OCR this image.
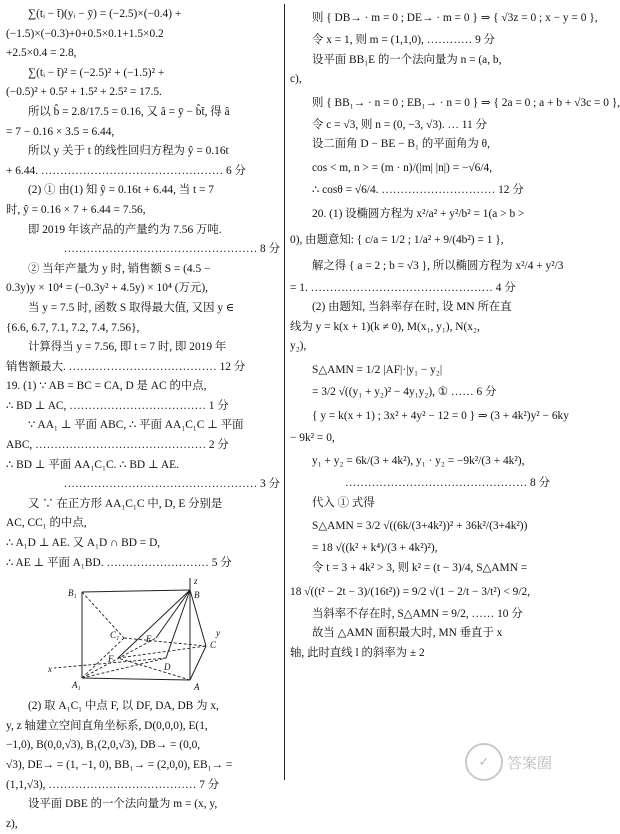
∑(tᵢ − t̄)(yᵢ − ȳ) = (−2.5)×(−0.4) +
(−1.5)×(−0.3)+0+0.5×0.1+1.5×0.2
+2.5×0.4 = 2.8,
∑(tᵢ − t̄)² = (−2.5)² + (−1.5)² +
(−0.5)² + 0.5² + 1.5² + 2.5² = 17.5.
所以 b̂ = 2.8/17.5 = 0.16, 又 â = ȳ − b̂t̄, 得 â
= 7 − 0.16 × 3.5 = 6.44,
所以 y 关于 t 的线性回归方程为 ŷ = 0.16t
+ 6.44. ………………………………………… 6 分
(2) ① 由(1) 知 ŷ = 0.16t + 6.44, 当 t = 7
时, ŷ = 0.16 × 7 + 6.44 = 7.56,
即 2019 年该产品的产量约为 7.56 万吨.
…………………………………………… 8 分
② 当年产量为 y 时, 销售额 S = (4.5 −
0.3y)y × 10⁴ = (−0.3y² + 4.5y) × 10⁴ (万元),
当 y = 7.5 时, 函数 S 取得最大值, 又因 y ∈
{6.6, 6.7, 7.1, 7.2, 7.4, 7.56},
计算得当 y = 7.56, 即 t = 7 时, 即 2019 年
销售额最大. ………………………………… 12 分
19. (1) ∵ AB = BC = CA, D 是 AC 的中点,
∴ BD ⊥ AC, ……………………………… 1 分
∵ AA₁ ⊥ 平面 ABC, ∴ 平面 AA₁C₁C ⊥ 平面
ABC, ……………………………………… 2 分
∴ BD ⊥ 平面 AA₁C₁C. ∴ BD ⊥ AE.
…………………………………………… 3 分
又 ∵ 在正方形 AA₁C₁C 中, D, E 分别是
AC, CC₁ 的中点,
∴ A₁D ⊥ AE. 又 A₁D ∩ BD = D,
∴ AE ⊥ 平面 A₁BD. ……………………… 5 分
B₁	B
C₁	E
C
F
D
A₁	A
x
z
y
(2) 取 A₁C₁ 中点 F, 以 DF, DA, DB 为 x,
y, z 轴建立空间直角坐标系, D(0,0,0), E(1,
−1,0), B(0,0,√3), B₁(2,0,√3), DB→ = (0,0,
√3), DE→ = (1, −1, 0), BB₁→ = (2,0,0), EB₁→ =
(1,1,√3), ………………………………… 7 分
设平面 DBE 的一个法向量为 m = (x, y,
z),
则 { DB→ · m = 0 ; DE→ · m = 0 } ⇒ { √3z = 0 ; x − y = 0 },
令 x = 1, 则 m = (1,1,0), ………… 9 分
设平面 BB₁E 的一个法向量为 n = (a, b,
c),
则 { BB₁→ · n = 0 ; EB₁→ · n = 0 } ⇒ { 2a = 0 ; a + b + √3c = 0 },
令 c = √3, 则 n = (0, −3, √3). … 11 分
设二面角 D − BE − B₁ 的平面角为 θ,
cos < m, n > = (m · n)/(|m| |n|) = −√6/4,
∴ cosθ = √6/4. ………………………… 12 分
20. (1) 设椭圆方程为 x²/a² + y²/b² = 1(a > b >
0), 由题意知: { c/a = 1/2 ; 1/a² + 9/(4b²) = 1 },
解之得 { a = 2 ; b = √3 }, 所以椭圆方程为 x²/4 + y²/3
= 1. ………………………………………… 4 分
(2) 由题知, 当斜率存在时, 设 MN 所在直
线为 y = k(x + 1)(k ≠ 0), M(x₁, y₁), N(x₂,
y₂),
S△AMN = 1/2 |AF|·|y₁ − y₂|
= 3/2 √((y₁ + y₂)² − 4y₁y₂), ① …… 6 分
{ y = k(x + 1) ; 3x² + 4y² − 12 = 0 } ⇒ (3 + 4k²)y² − 6ky
− 9k² = 0,
y₁ + y₂ = 6k/(3 + 4k²), y₁ · y₂ = −9k²/(3 + 4k²),
………………………………………… 8 分
代入 ① 式得
S△AMN = 3/2 √((6k/(3+4k²))² + 36k²/(3+4k²))
= 18 √((k² + k⁴)/(3 + 4k²)²),
令 t = 3 + 4k² > 3, 则 k² = (t − 3)/4, S△AMN =
18 √((t² − 2t − 3)/(16t²)) = 9/2 √(1 − 2/t − 3/t²) < 9/2,
当斜率不存在时, S△AMN = 9/2, …… 10 分
故当 △AMN 面积最大时, MN 垂直于 x
轴, 此时直线 l 的斜率为 ± 2
✓	答案圈
